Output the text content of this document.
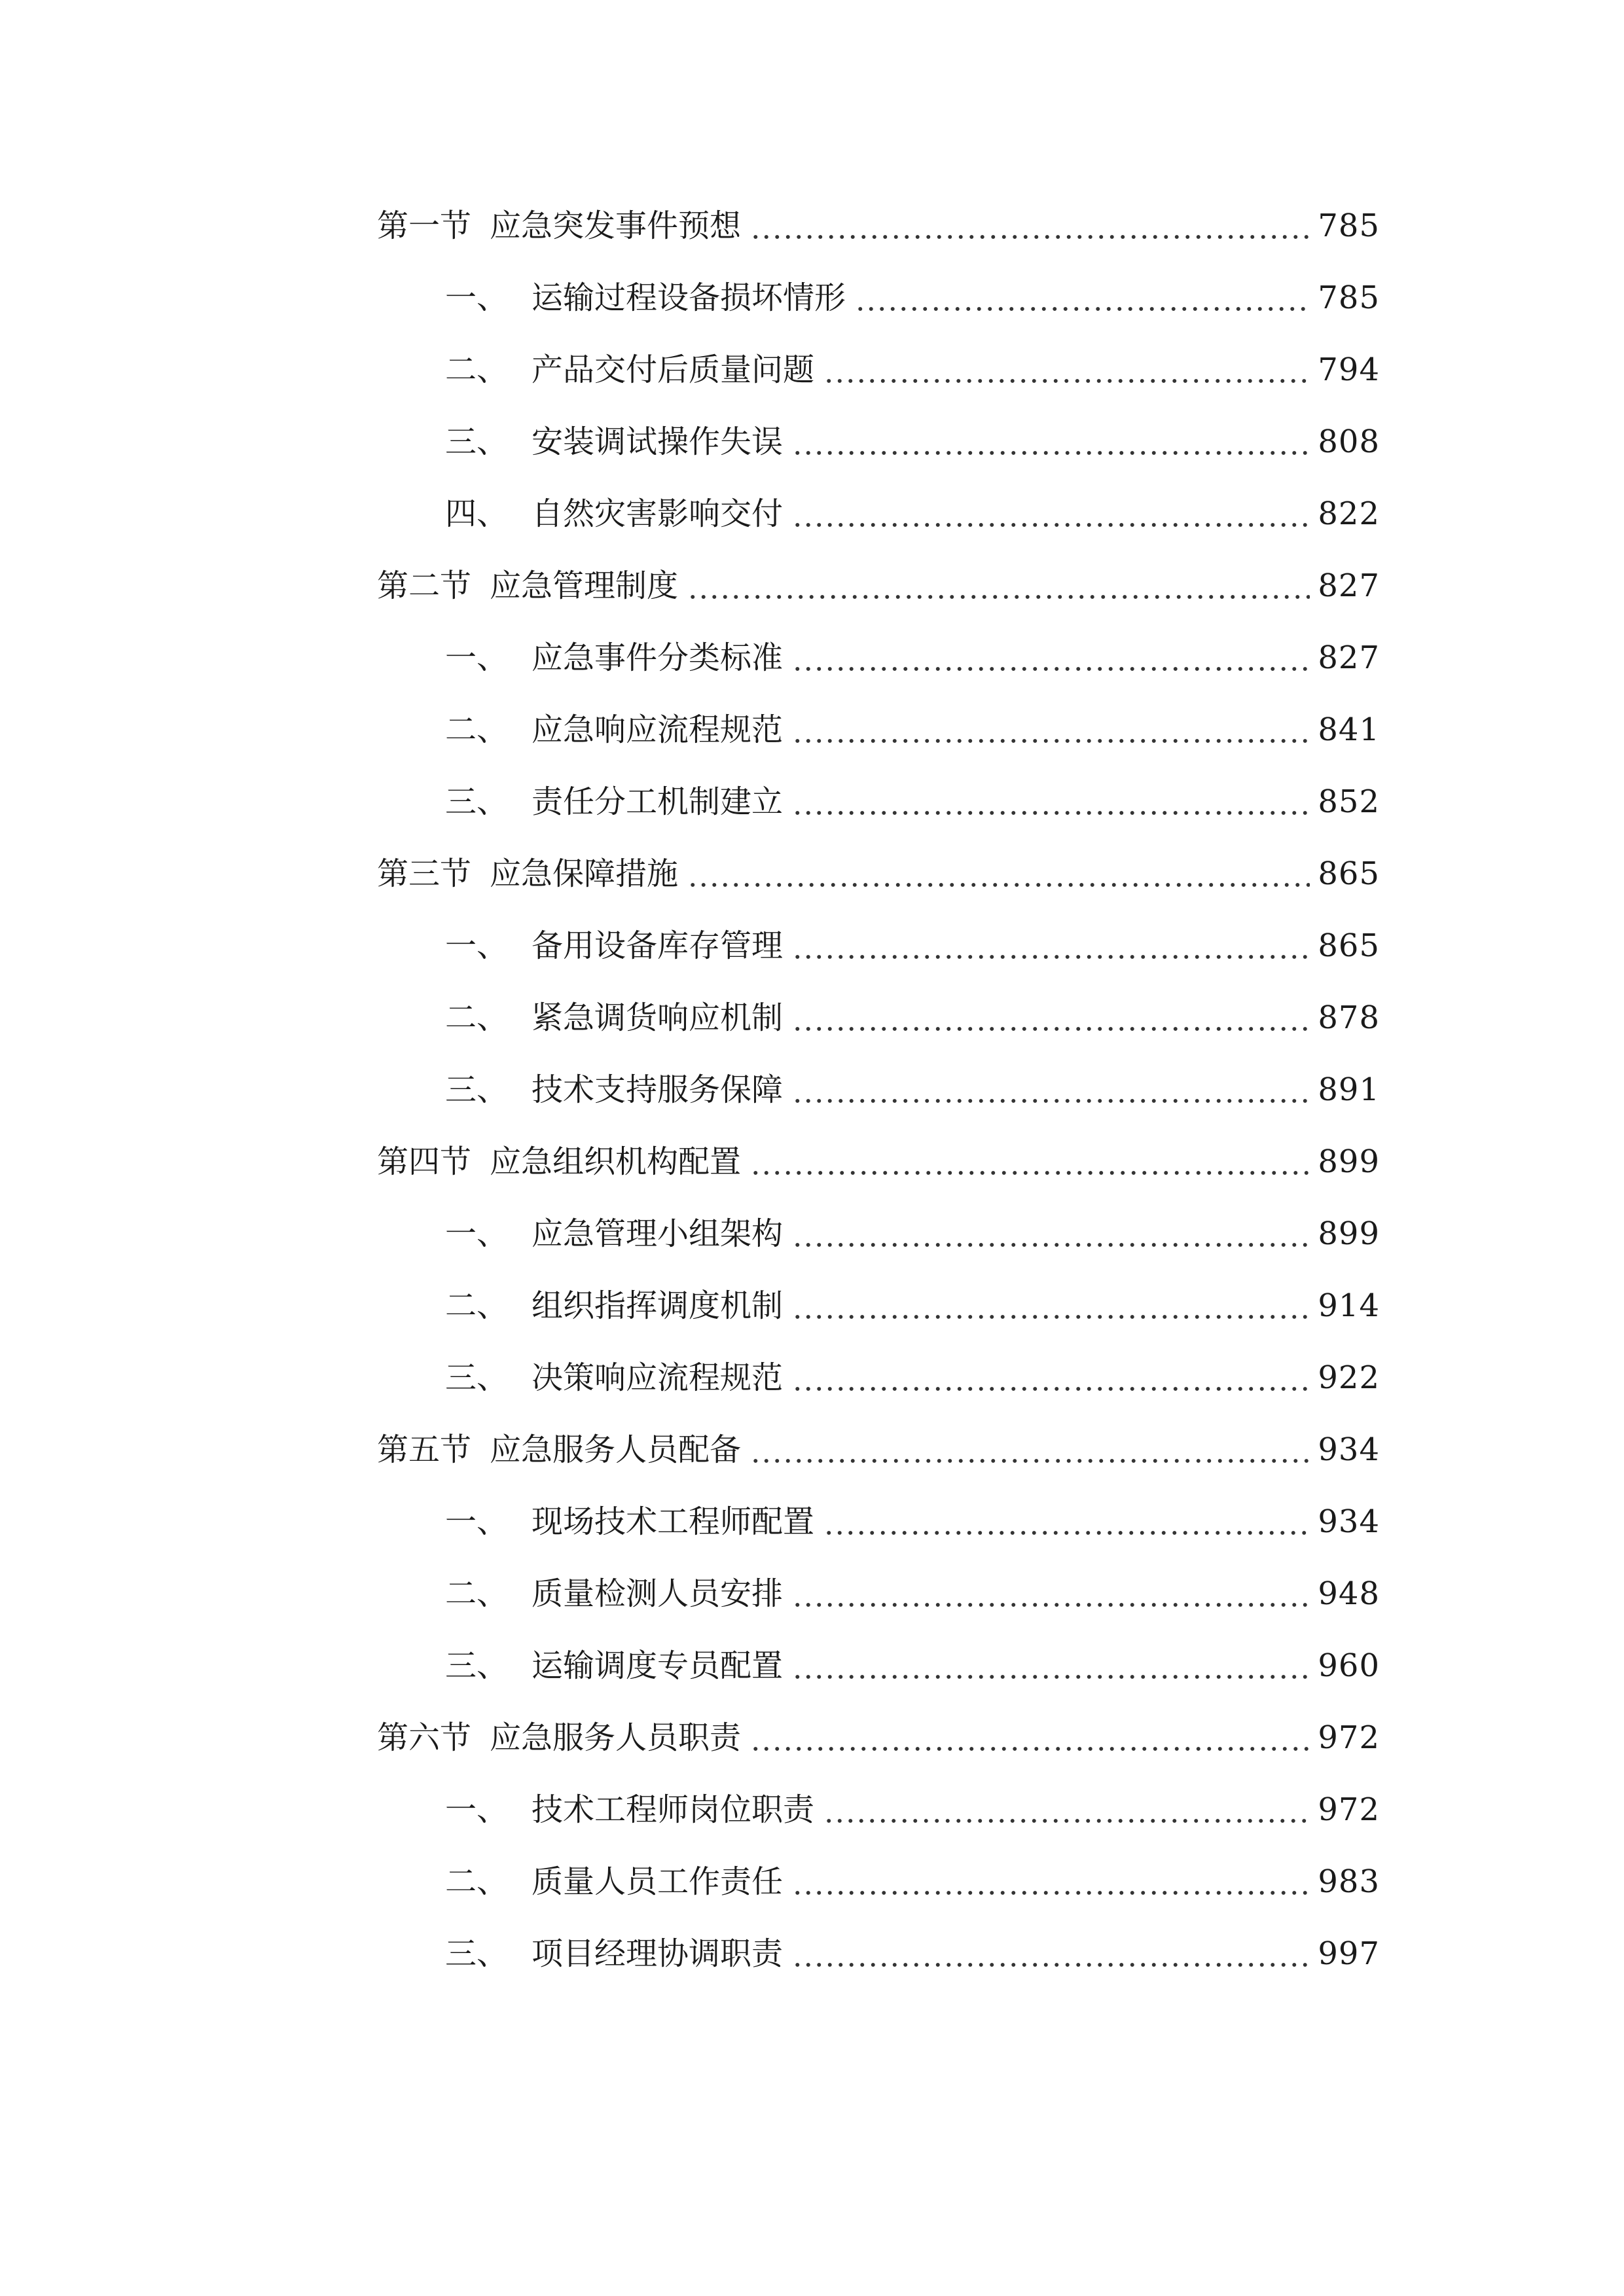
第一节 应急突发事件预想	785
一、 运输过程设备损坏情形	785
二、 产品交付后质量问题	794
三、 安装调试操作失误	808
四、 自然灾害影响交付	822
第二节 应急管理制度	827
一、 应急事件分类标准	827
二、 应急响应流程规范	841
三、 责任分工机制建立	852
第三节 应急保障措施	865
一、 备用设备库存管理	865
二、 紧急调货响应机制	878
三、 技术支持服务保障	891
第四节 应急组织机构配置	899
一、 应急管理小组架构	899
二、 组织指挥调度机制	914
三、 决策响应流程规范	922
第五节 应急服务人员配备	934
一、 现场技术工程师配置	934
二、 质量检测人员安排	948
三、 运输调度专员配置	960
第六节 应急服务人员职责	972
一、 技术工程师岗位职责	972
二、 质量人员工作责任	983
三、 项目经理协调职责	997
